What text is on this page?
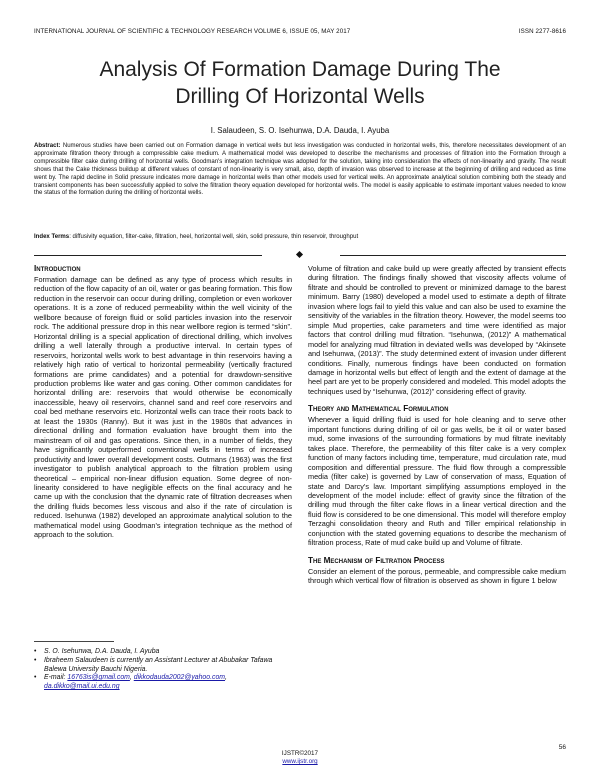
INTERNATIONAL JOURNAL OF SCIENTIFIC & TECHNOLOGY RESEARCH VOLUME 6, ISSUE 05, MAY 2017	ISSN 2277-8616
Analysis Of Formation Damage During The
Drilling Of Horizontal Wells
I. Salaudeen, S. O. Isehunwa, D.A. Dauda, I. Ayuba
Abstract: Numerous studies have been carried out on Formation damage in vertical wells but less investigation was conducted in horizontal wells, this, therefore necessitates development of an approximate filtration theory through a compressible cake medium. A mathematical model was developed to describe the mechanisms and processes of filtration into the Formation through a compressible filter cake during drilling of horizontal wells. Goodman's integration technique was adopted for the solution, taking into consideration the effects of non-linearity and gravity. The result shows that the Cake thickness buildup at different values of constant of non-linearity is very small, also, depth of invasion was observed to increase at the beginning of drilling and reduced as time went by. The rapid decline in Solid pressure indicates more damage in horizontal wells than other models used for vertical wells. An approximate analytical solution combining both the steady and transient components has been successfully applied to solve the filtration theory equation developed for horizontal wells. The model is easily applicable to estimate important values needed to know the status of the formation during the drilling of horizontal wells.
Index Terms: diffusivity equation, filter-cake, filtration, heel, horizontal well, skin, solid pressure, thin reservoir, throughput
Introduction

Formation damage can be defined as any type of process which results in reduction of the flow capacity of an oil, water or gas bearing formation. This flow reduction in the reservoir can occur during drilling, completion or even workover operations. It is a zone of reduced permeability within the well vicinity of the wellbore because of foreign fluid or solid particles invasion into the reservoir rock. The additional pressure drop in this near wellbore region is termed “skin”. Horizontal drilling is a special application of directional drilling, which involves drilling a well laterally through a productive interval. In certain types of reservoirs, horizontal wells work to best advantage in thin reservoirs having a relatively high ratio of vertical to horizontal permeability (vertically fractured formations are prime candidates) and a potential for drawdown-sensitive production problems like water and gas coning. Other common candidates for horizontal drilling are: reservoirs that would otherwise be economically inaccessible, heavy oil reservoirs, channel sand and reef core reservoirs and coal bed methane reservoirs etc. Horizontal wells can trace their roots back to at least the 1930s (Ranny). But it was just in the 1980s that advances in directional drilling and formation evaluation have brought them into the mainstream of oil and gas operations. Since then, in a number of fields, they have significantly outperformed conventional wells in terms of increased productivity and lower overall development costs. Outmans (1963) was the first investigator to publish analytical approach to the filtration problem using theoretical – empirical non-linear diffusion equation. Some degree of non-linearity considered to have negligible effects on the final accuracy and he came up with the conclusion that the dynamic rate of filtration decreases when the drilling fluids becomes less viscous and also if the rate of circulation is reduced. Isehunwa (1982) developed an approximate analytical solution to the mathematical model using Goodman's integration technique as the method of approach to the solution.

•	S. O. Isehunwa, D.A. Dauda, I. Ayuba
•	Ibraheem Salaudeen is currently an Assistant Lecturer at Abubakar Tafawa Balewa University Bauchi Nigeria.
•	E-mail: 16763is@gmail.com, dikkodauda2002@yahoo.com, da.dikko@mail.ui.edu.ng

Volume of filtration and cake build up were greatly affected by transient effects during filtration. The findings finally showed that viscosity affects volume of filtrate and should be controlled to prevent or minimized damage to the barest minimum. Barry (1980) developed a model used to estimate a depth of filtrate invasion where logs fail to yield this value and can also be used to examine the sensitivity of the variables in the filtration theory. However, the model seems too simple Mud properties, cake parameters and time were identified as major factors that control drilling mud filtration. “Isehunwa, (2012)” A mathematical model for analyzing mud filtration in deviated wells was developed by “Akinsete and Isehunwa, (2013)”. The study determined extent of invasion under different conditions. Finally, numerous findings have been conducted on formation damage in horizontal wells but effect of length and the extent of damage at the heel part are yet to be properly considered and modeled. This model adopts the techniques used by “Isehunwa, (2012)” considering effect of gravity.

Theory and Mathematical Formulation

Whenever a liquid drilling fluid is used for hole cleaning and to serve other important functions during drilling of oil or gas wells, be it oil or water based mud, some invasions of the surrounding formations by mud filtrate inevitably takes place. Therefore, the permeability of this filter cake is a very complex function of many factors including time, temperature, mud circulation rate, mud composition and differential pressure. The fluid flow through a compressible media (filter cake) is governed by Law of conservation of mass, Equation of state and Darcy's law. Important simplifying assumptions employed in the development of the model include: effect of gravity since the filtration of the drilling mud through the filter cake flows in a linear vertical direction and the fluid flow is considered to be one dimensional. This model will therefore employ Terzaghi consolidation theory and Ruth and Tiller empirical relationship in conjunction with the stated governing equations to describe the mechanism of filtration process, Rate of mud cake build up and Volume of filtrate.

The Mechanism of Filtration Process

Consider an element of the porous, permeable, and compressible cake medium through which vertical flow of filtration is observed as shown in figure 1 below

56
IJSTR©2017
www.ijstr.org
